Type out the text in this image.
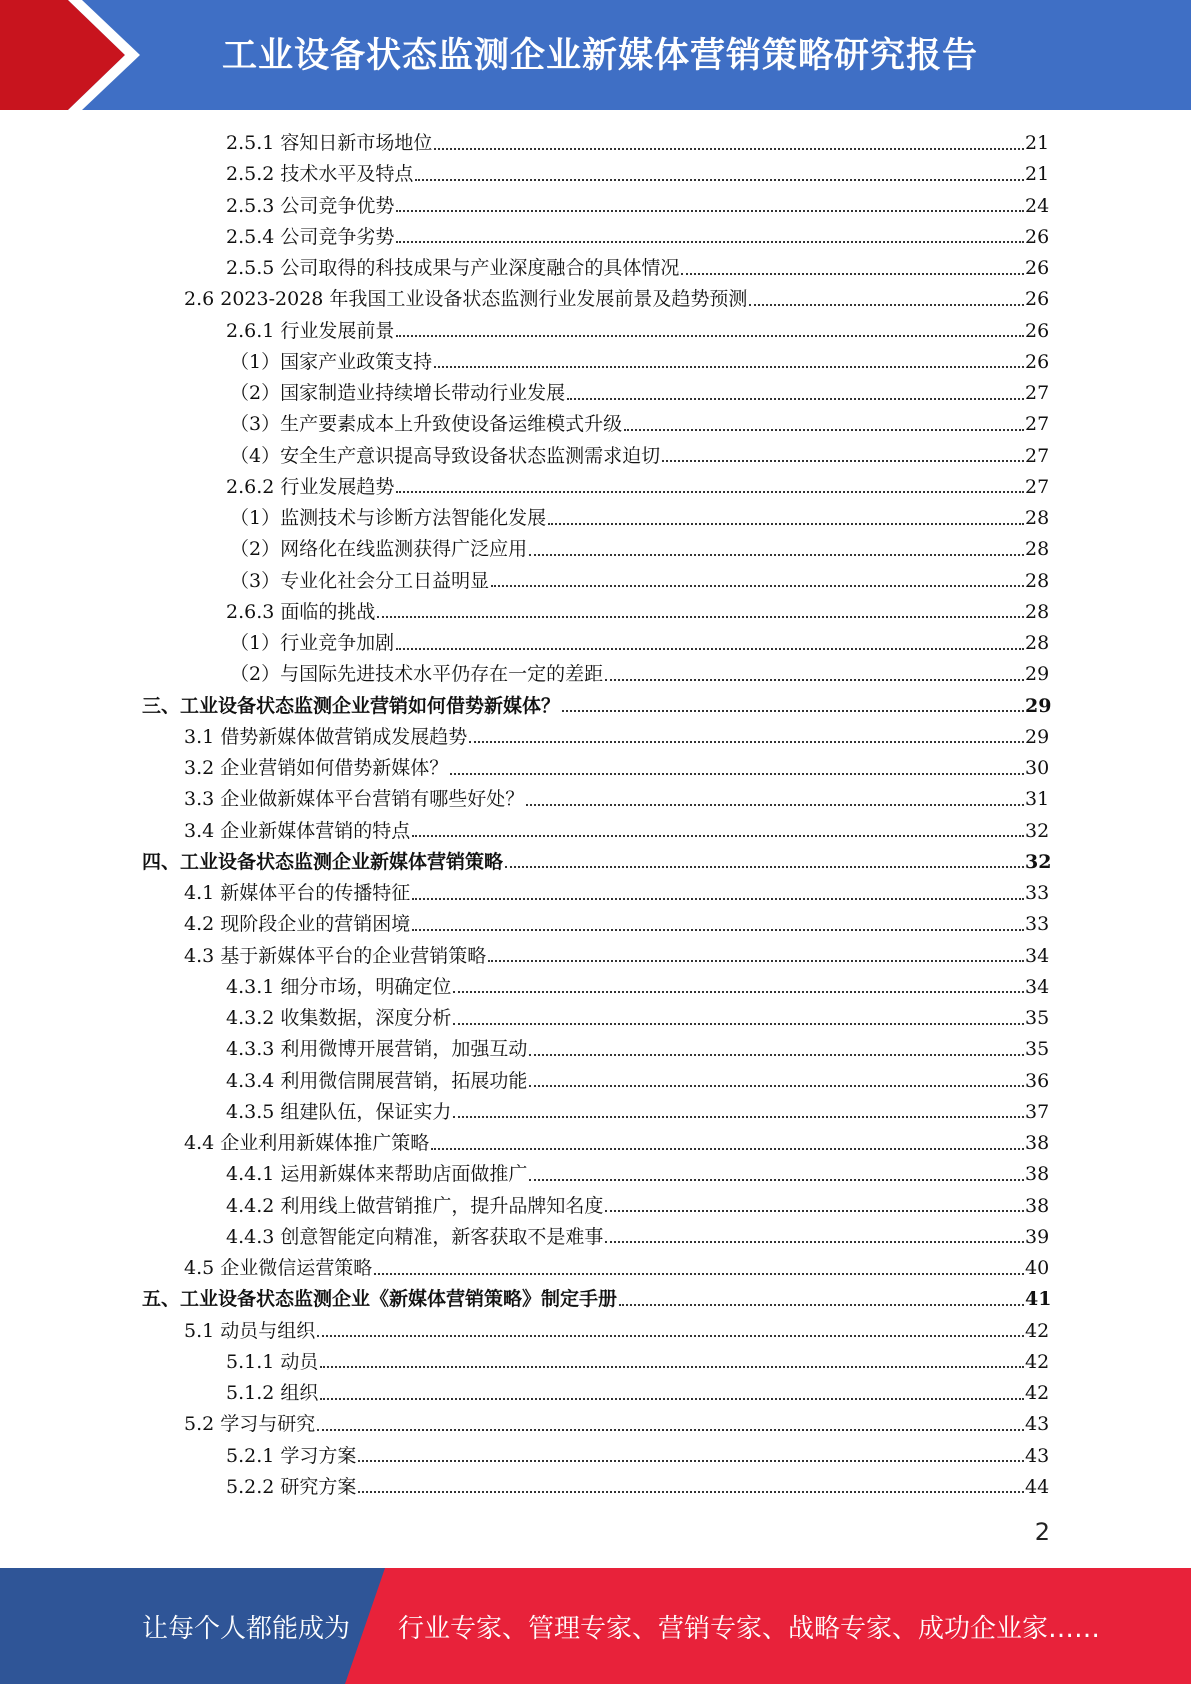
工业设备状态监测企业新媒体营销策略研究报告
2.5.1 容知日新市场地位	21
2.5.2 技术水平及特点	21
2.5.3 公司竞争优势	24
2.5.4 公司竞争劣势	26
2.5.5 公司取得的科技成果与产业深度融合的具体情况	26
2.6 2023-2028 年我国工业设备状态监测行业发展前景及趋势预测	26
2.6.1 行业发展前景	26
（1）国家产业政策支持	26
（2）国家制造业持续增长带动行业发展	27
（3）生产要素成本上升致使设备运维模式升级	27
（4）安全生产意识提高导致设备状态监测需求迫切	27
2.6.2 行业发展趋势	27
（1）监测技术与诊断方法智能化发展	28
（2）网络化在线监测获得广泛应用	28
（3）专业化社会分工日益明显	28
2.6.3 面临的挑战	28
（1）行业竞争加剧	28
（2）与国际先进技术水平仍存在一定的差距	29
三、工业设备状态监测企业营销如何借势新媒体？	29
3.1 借势新媒体做营销成发展趋势	29
3.2 企业营销如何借势新媒体？	30
3.3 企业做新媒体平台营销有哪些好处？	31
3.4 企业新媒体营销的特点	32
四、工业设备状态监测企业新媒体营销策略	32
4.1 新媒体平台的传播特征	33
4.2 现阶段企业的营销困境	33
4.3 基于新媒体平台的企业营销策略	34
4.3.1 细分市场，明确定位	34
4.3.2 收集数据，深度分析	35
4.3.3 利用微博开展营销，加强互动	35
4.3.4 利用微信開展营销，拓展功能	36
4.3.5 组建队伍，保证实力	37
4.4 企业利用新媒体推广策略	38
4.4.1 运用新媒体来帮助店面做推广	38
4.4.2 利用线上做营销推广，提升品牌知名度	38
4.4.3 创意智能定向精准，新客获取不是难事	39
4.5 企业微信运营策略	40
五、工业设备状态监测企业《新媒体营销策略》制定手册	41
5.1 动员与组织	42
5.1.1 动员	42
5.1.2 组织	42
5.2 学习与研究	43
5.2.1 学习方案	43
5.2.2 研究方案	44
2
让每个人都能成为 行业专家、管理专家、营销专家、战略专家、成功企业家……
